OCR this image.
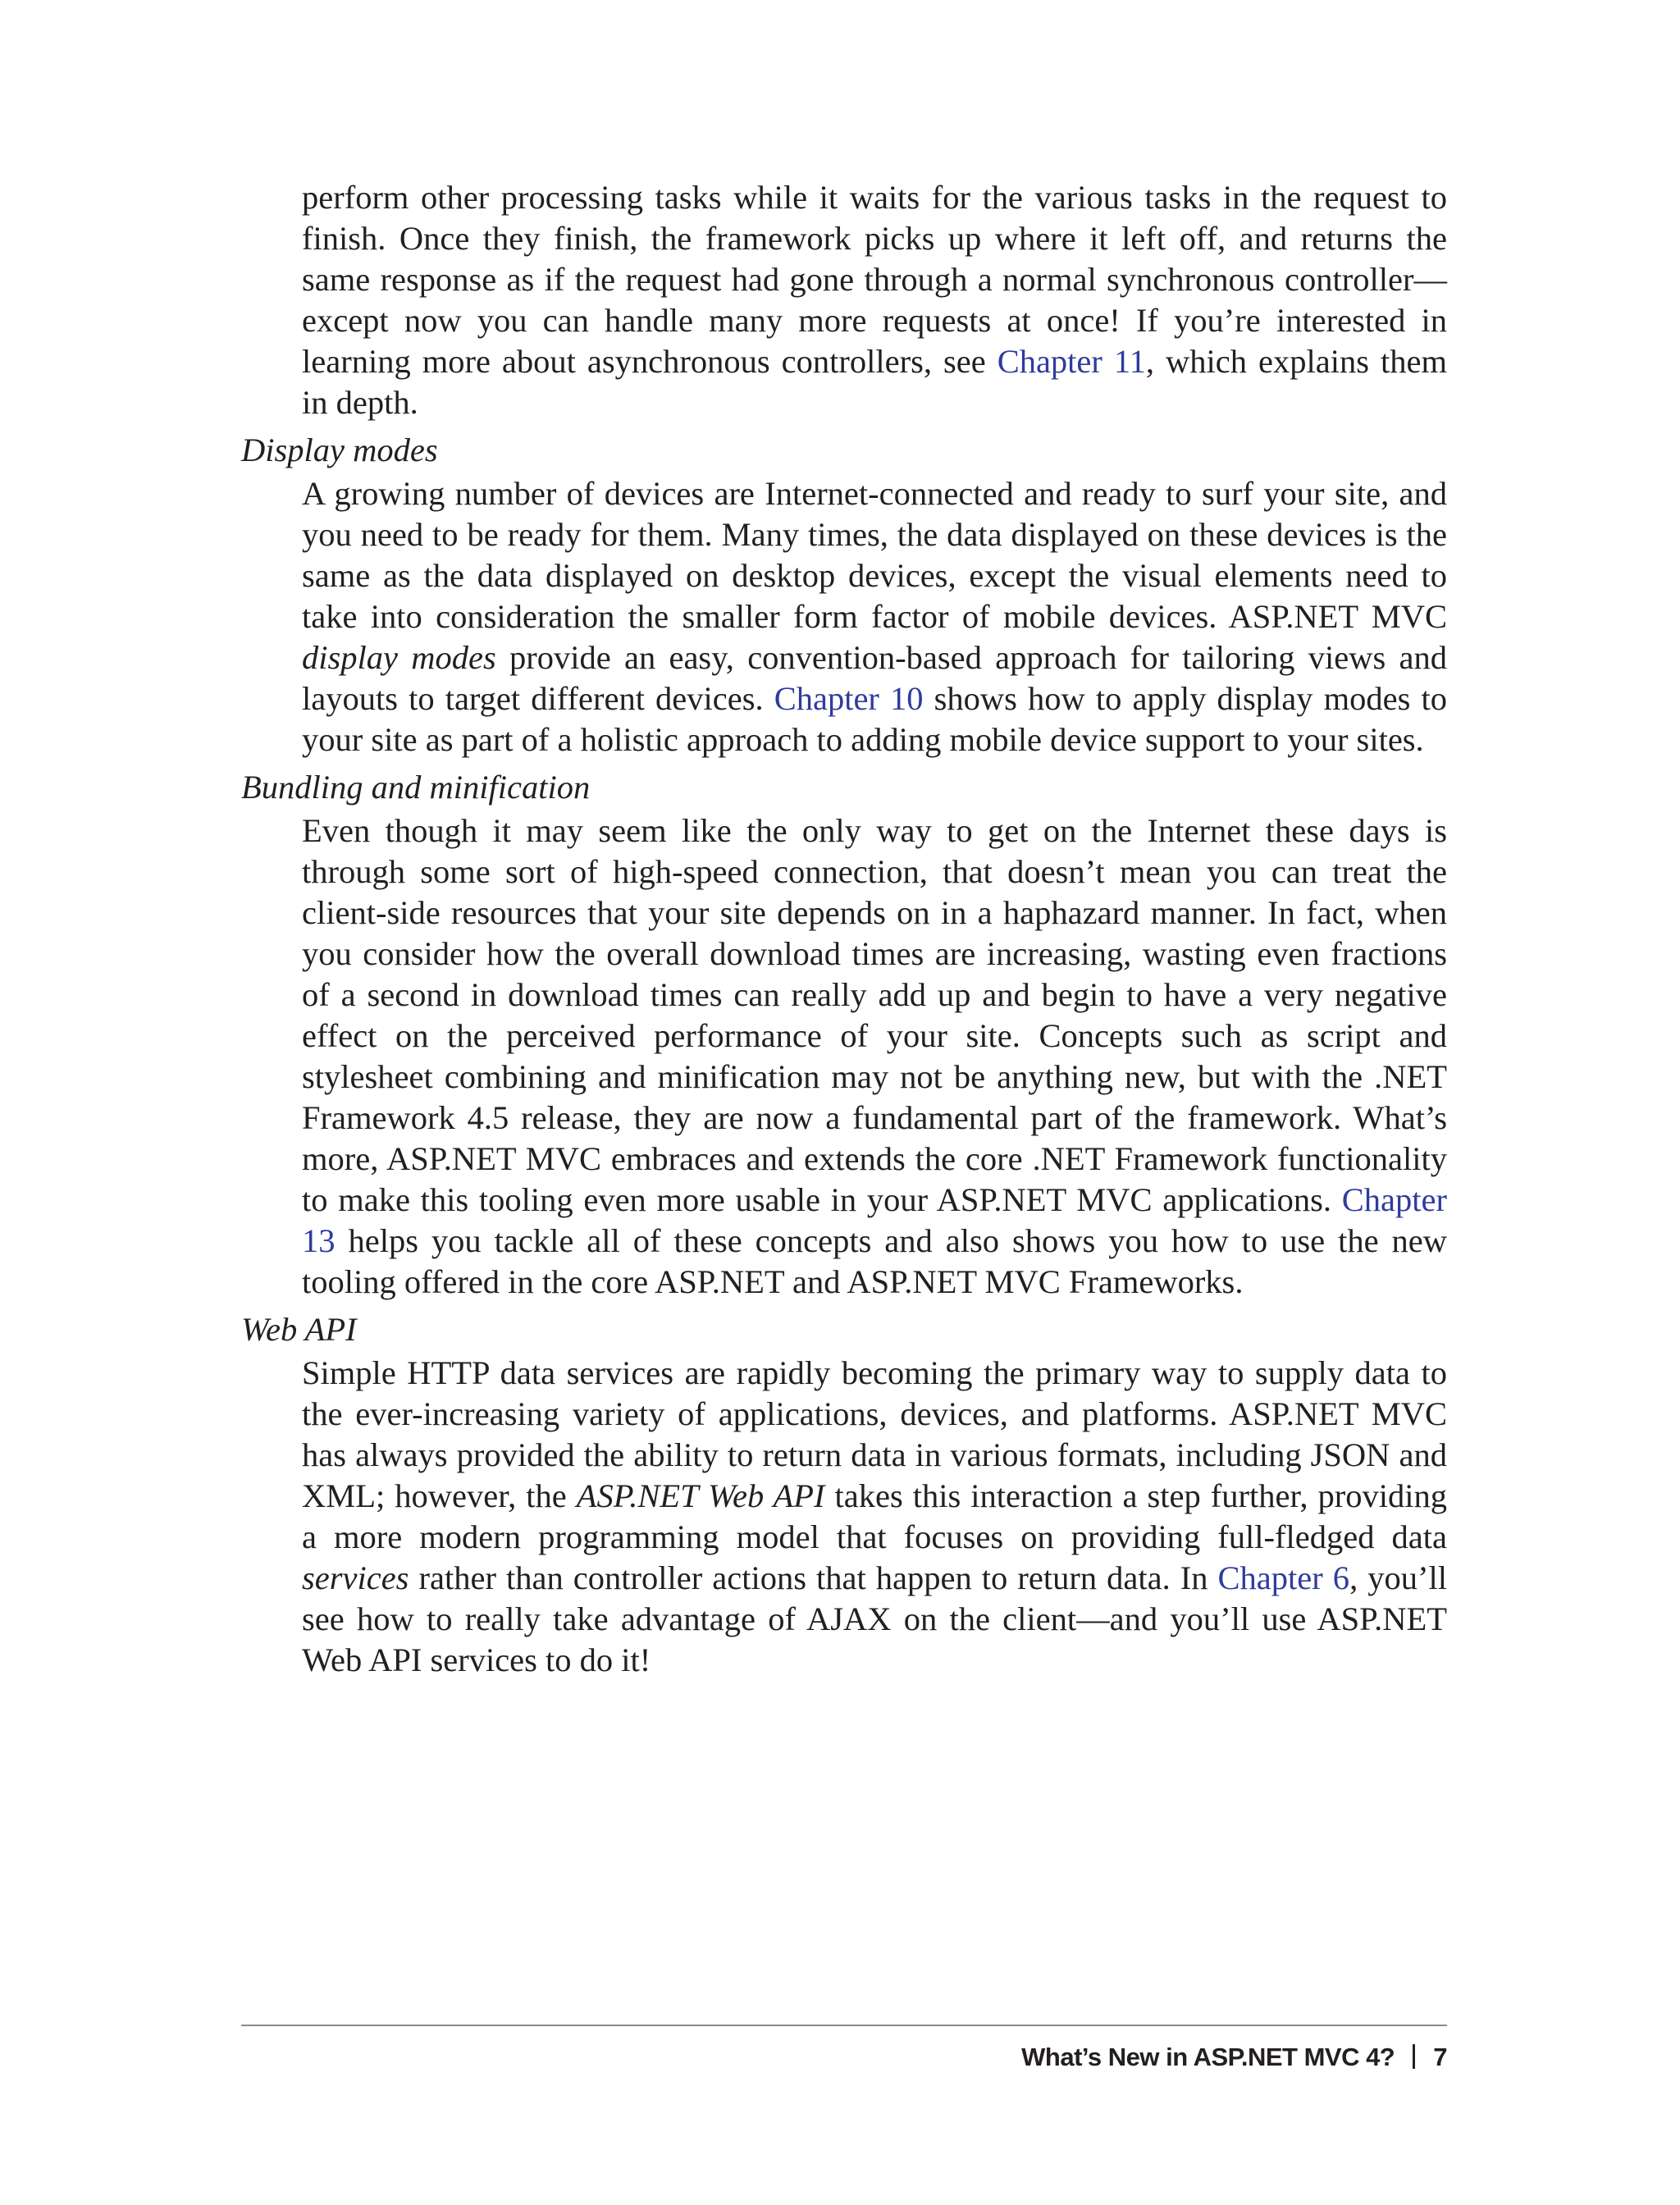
perform other processing tasks while it waits for the various tasks in the request to finish. Once they finish, the framework picks up where it left off, and returns the same response as if the request had gone through a normal synchronous controller—except now you can handle many more requests at once! If you’re interested in learning more about asynchronous controllers, see Chapter 11, which explains them in depth.

Display modes

A growing number of devices are Internet-connected and ready to surf your site, and you need to be ready for them. Many times, the data displayed on these devices is the same as the data displayed on desktop devices, except the visual elements need to take into consideration the smaller form factor of mobile devices. ASP.NET MVC display modes provide an easy, convention-based approach for tailoring views and layouts to target different devices. Chapter 10 shows how to apply display modes to your site as part of a holistic approach to adding mobile device support to your sites.

Bundling and minification

Even though it may seem like the only way to get on the Internet these days is through some sort of high-speed connection, that doesn’t mean you can treat the client-side resources that your site depends on in a haphazard manner. In fact, when you consider how the overall download times are increasing, wasting even fractions of a second in download times can really add up and begin to have a very negative effect on the perceived performance of your site. Concepts such as script and stylesheet combining and minification may not be anything new, but with the .NET Framework 4.5 release, they are now a fundamental part of the framework. What’s more, ASP.NET MVC embraces and extends the core .NET Framework functionality to make this tooling even more usable in your ASP.NET MVC applications. Chapter 13 helps you tackle all of these concepts and also shows you how to use the new tooling offered in the core ASP.NET and ASP.NET MVC Frameworks.

Web API

Simple HTTP data services are rapidly becoming the primary way to supply data to the ever-increasing variety of applications, devices, and platforms. ASP.NET MVC has always provided the ability to return data in various formats, including JSON and XML; however, the ASP.NET Web API takes this interaction a step further, providing a more modern programming model that focuses on providing full-fledged data services rather than controller actions that happen to return data. In Chapter 6, you’ll see how to really take advantage of AJAX on the client—and you’ll use ASP.NET Web API services to do it!

What’s New in ASP.NET MVC 4? 7
